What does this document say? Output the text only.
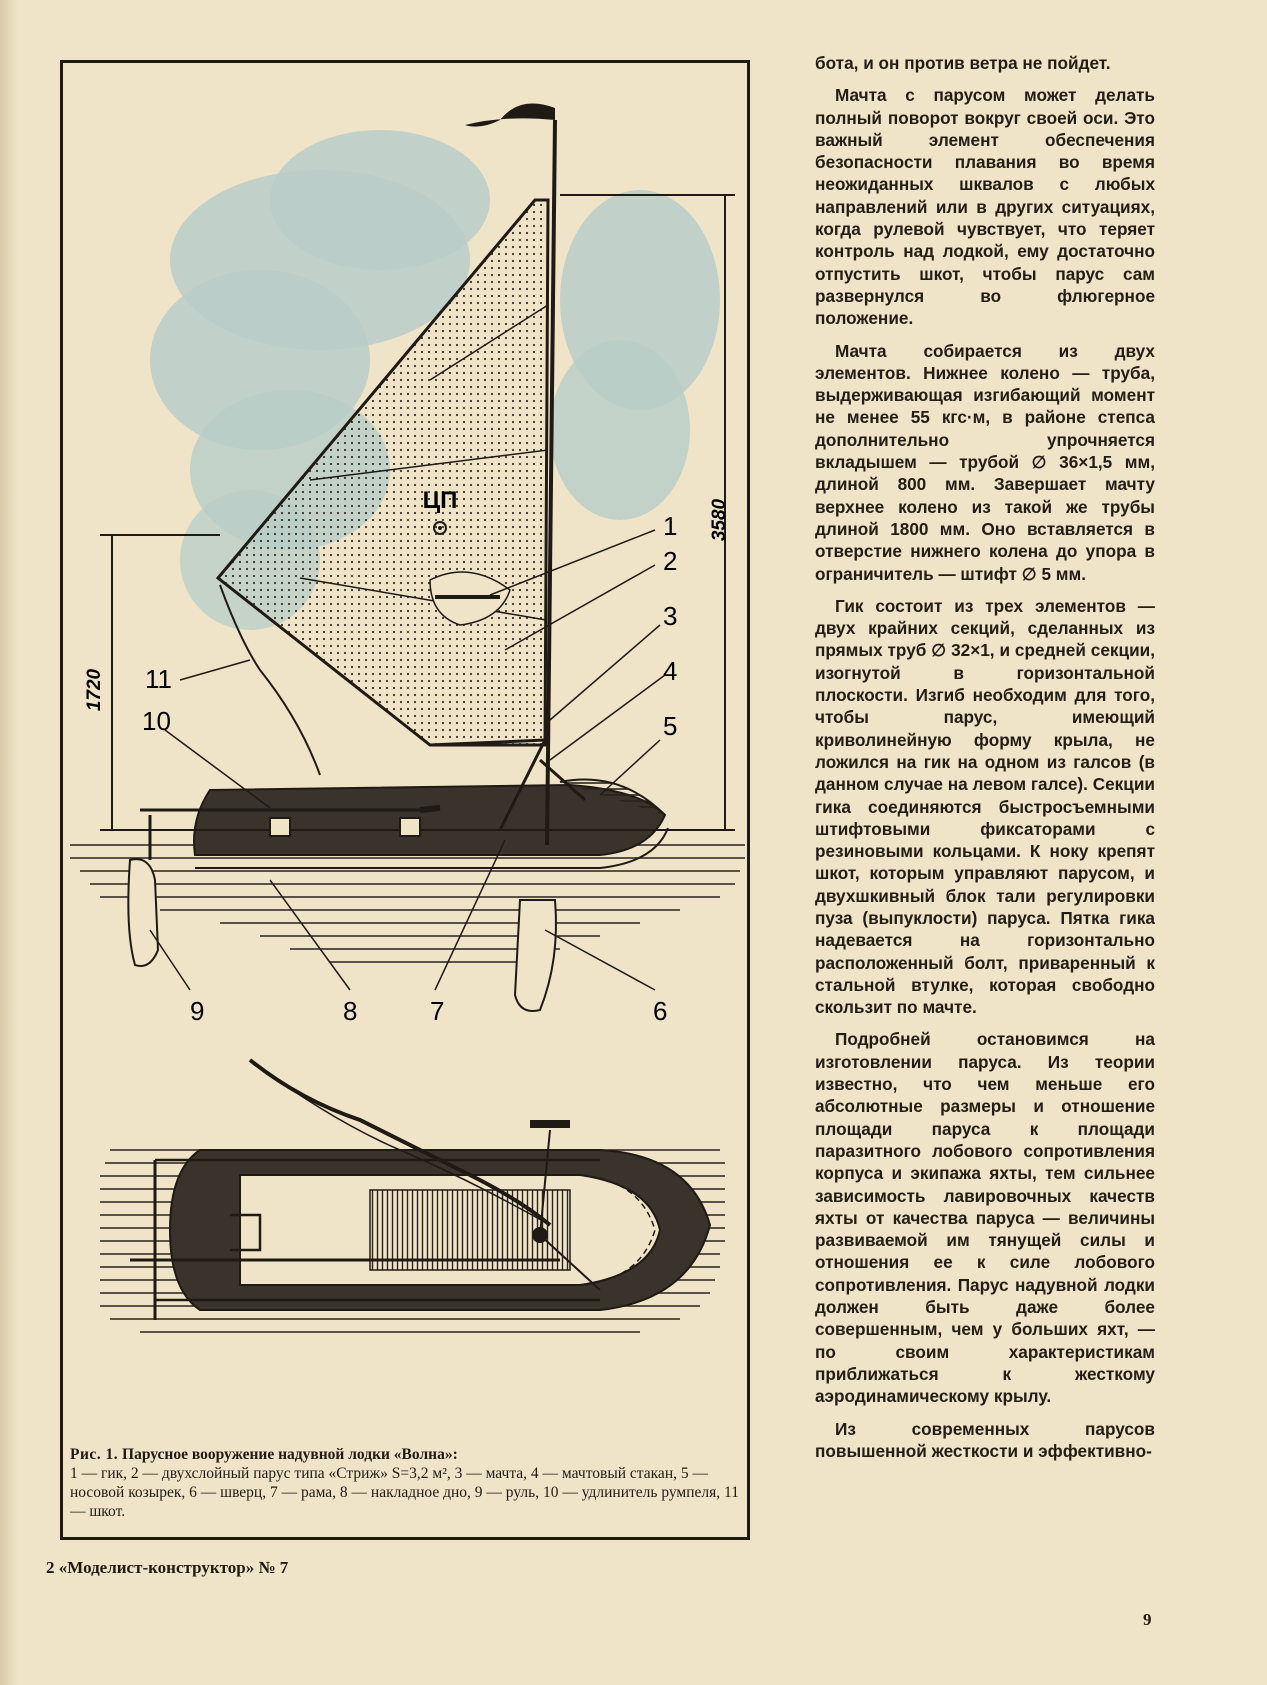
ЦП	3580
1720
1
2
3
4
5
6
7
8
9
10
11
Рис. 1. Парусное вооружение надувной лодки «Волна»:
1 — гик, 2 — двухслойный парус типа «Стриж» S=3,2 м², 3 — мачта, 4 — мачтовый стакан, 5 — носовой козырек, 6 — шверц, 7 — рама, 8 — накладное дно, 9 — руль, 10 — удлинитель румпеля, 11 — шкот.

бота, и он против ветра не пойдет.

Мачта с парусом может делать полный поворот вокруг своей оси. Это важный элемент обеспечения безопасности плавания во время неожиданных шквалов с любых направлений или в других ситуациях, когда рулевой чувствует, что теряет контроль над лодкой, ему достаточно отпустить шкот, чтобы парус сам развернулся во флюгерное положение.

Мачта собирается из двух элементов. Нижнее колено — труба, выдерживающая изгибающий момент не менее 55 кгс·м, в районе степса дополнительно упрочняется вкладышем — трубой ∅ 36×1,5 мм, длиной 800 мм. Завершает мачту верхнее колено из такой же трубы длиной 1800 мм. Оно вставляется в отверстие нижнего колена до упора в ограничитель — штифт ∅ 5 мм.

Гик состоит из трех элементов — двух крайних секций, сделанных из прямых труб ∅ 32×1, и средней секции, изогнутой в горизонтальной плоскости. Изгиб необходим для того, чтобы парус, имеющий криволинейную форму крыла, не ложился на гик на одном из галсов (в данном случае на левом галсе). Секции гика соединяются быстросъемными штифтовыми фиксаторами с резиновыми кольцами. К ноку крепят шкот, которым управляют парусом, и двухшкивный блок тали регулировки пуза (выпуклости) паруса. Пятка гика надевается на горизонтально расположенный болт, приваренный к стальной втулке, которая свободно скользит по мачте.

Подробней остановимся на изготовлении паруса. Из теории известно, что чем меньше его абсолютные размеры и отношение площади паруса к площади паразитного лобового сопротивления корпуса и экипажа яхты, тем сильнее зависимость лавировочных качеств яхты от качества паруса — величины развиваемой им тянущей силы и отношения ее к силе лобового сопротивления. Парус надувной лодки должен быть даже более совершенным, чем у больших яхт, — по своим характеристикам приближаться к жесткому аэродинамическому крылу.

Из современных парусов повышенной жесткости и эффективно-

2 «Моделист-конструктор» № 7
9
